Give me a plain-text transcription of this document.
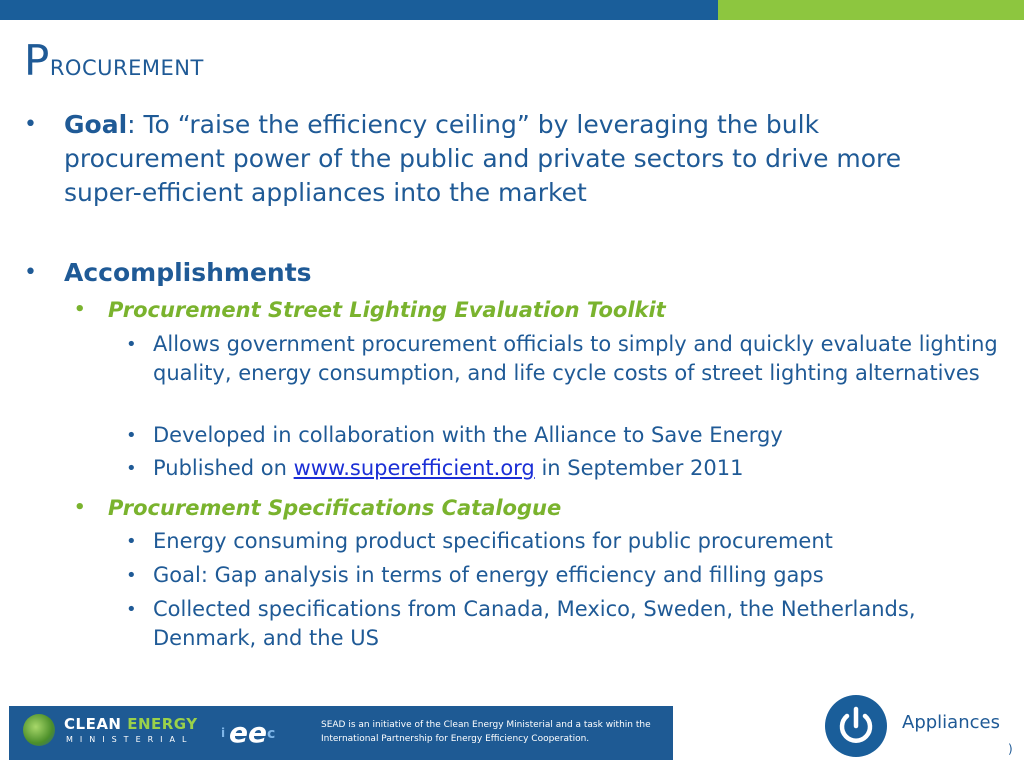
Procurement
• Goal: To “raise the efficiency ceiling” by leveraging the bulk procurement power of the public and private sectors to drive more super-efficient appliances into the market
• Accomplishments
• Procurement Street Lighting Evaluation Toolkit
• Allows government procurement officials to simply and quickly evaluate lighting quality, energy consumption, and life cycle costs of street lighting alternatives
• Developed in collaboration with the Alliance to Save Energy
• Published on www.superefficient.org in September 2011
• Procurement Specifications Catalogue
• Energy consuming product specifications for public procurement
• Goal: Gap analysis in terms of energy efficiency and filling gaps
• Collected specifications from Canada, Mexico, Sweden, the Netherlands, Denmark, and the US
CLEAN ENERGY
MINISTERIAL i ee c
SEAD is an initiative of the Clean Energy Ministerial and a task within the International Partnership for Energy Efficiency Cooperation.
Appliances
)
